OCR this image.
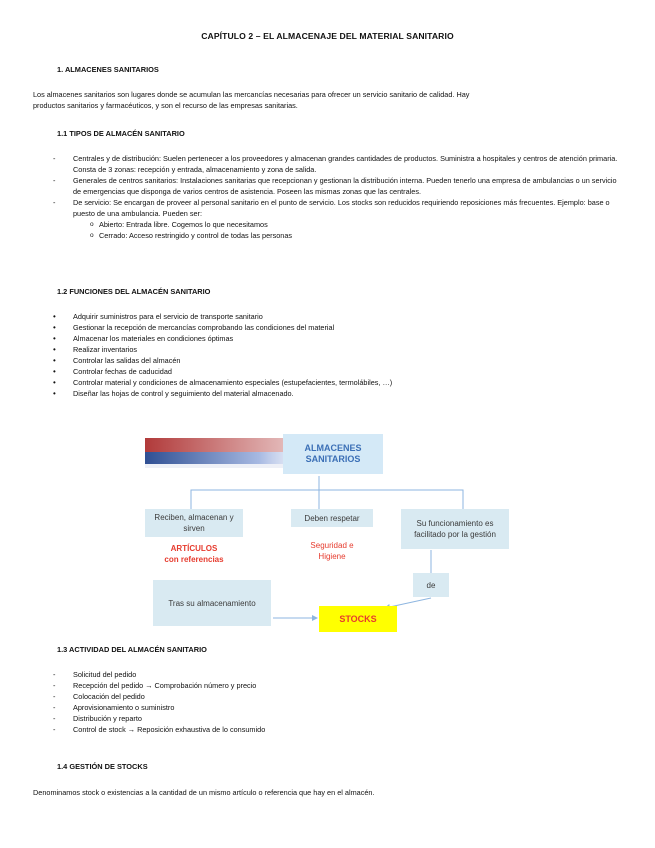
CAPÍTULO 2 – EL ALMACENAJE DEL MATERIAL SANITARIO
1. ALMACENES SANITARIOS
Los almacenes sanitarios son lugares donde se acumulan las mercancías necesarias para ofrecer un servicio sanitario de calidad. Hay
productos sanitarios y farmacéuticos, y son el recurso de las empresas sanitarias.
1.1 TIPOS DE ALMACÉN SANITARIO
- Centrales y de distribución: Suelen pertenecer a los proveedores y almacenan grandes cantidades de productos. Suministra a hospitales y centros de atención primaria. Consta de 3 zonas: recepción y entrada, almacenamiento y zona de salida.
- Generales de centros sanitarios: Instalaciones sanitarias que recepcionan y gestionan la distribución interna. Pueden tenerlo una empresa de ambulancias o un servicio de emergencias que disponga de varios centros de asistencia. Poseen las mismas zonas que las centrales.
- De servicio: Se encargan de proveer al personal sanitario en el punto de servicio. Los stocks son reducidos requiriendo reposiciones más frecuentes. Ejemplo: base o puesto de una ambulancia. Pueden ser:
o Abierto: Entrada libre. Cogemos lo que necesitamos
o Cerrado: Acceso restringido y control de todas las personas
1.2 FUNCIONES DEL ALMACÉN SANITARIO
• Adquirir suministros para el servicio de transporte sanitario
• Gestionar la recepción de mercancías comprobando las condiciones del material
• Almacenar los materiales en condiciones óptimas
• Realizar inventarios
• Controlar las salidas del almacén
• Controlar fechas de caducidad
• Controlar material y condiciones de almacenamiento especiales (estupefacientes, termolábiles, …)
• Diseñar las hojas de control y seguimiento del material almacenado.
ALMACENES SANITARIOS
Reciben, almacenan y sirven
Deben respetar
Su funcionamiento es facilitado por la gestión
ARTÍCULOS
con referencias
Seguridad e
Higiene
de
Tras su almacenamiento
STOCKS
1.3 ACTIVIDAD DEL ALMACÉN SANITARIO
- Solicitud del pedido
- Recepción del pedido → Comprobación número y precio
- Colocación del pedido
- Aprovisionamiento o suministro
- Distribución y reparto
- Control de stock → Reposición exhaustiva de lo consumido
1.4 GESTIÓN DE STOCKS
Denominamos stock o existencias a la cantidad de un mismo artículo o referencia que hay en el almacén.
